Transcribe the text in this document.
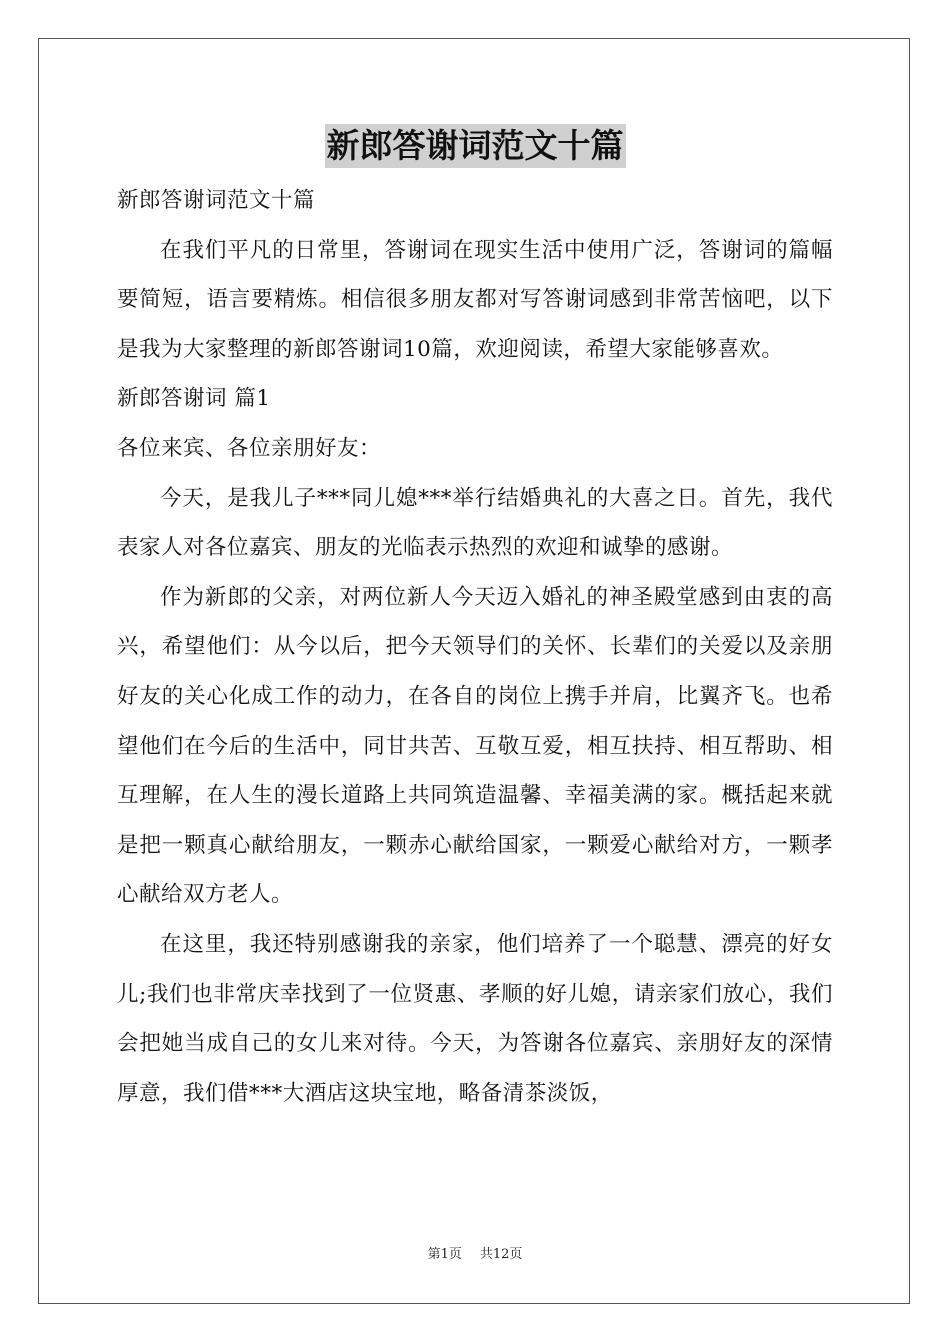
新郎答谢词范文十篇

新郎答谢词范文十篇

在我们平凡的日常里，答谢词在现实生活中使用广泛，答谢词的篇幅要简短，语言要精炼。相信很多朋友都对写答谢词感到非常苦恼吧，以下是我为大家整理的新郎答谢词10篇，欢迎阅读，希望大家能够喜欢。

新郎答谢词 篇1

各位来宾、各位亲朋好友：

今天，是我儿子***同儿媳***举行结婚典礼的大喜之日。首先，我代表家人对各位嘉宾、朋友的光临表示热烈的欢迎和诚挚的感谢。

作为新郎的父亲，对两位新人今天迈入婚礼的神圣殿堂感到由衷的高兴，希望他们：从今以后，把今天领导们的关怀、长辈们的关爱以及亲朋好友的关心化成工作的动力，在各自的岗位上携手并肩，比翼齐飞。也希望他们在今后的生活中，同甘共苦、互敬互爱，相互扶持、相互帮助、相互理解，在人生的漫长道路上共同筑造温馨、幸福美满的家。概括起来就是把一颗真心献给朋友，一颗赤心献给国家，一颗爱心献给对方，一颗孝心献给双方老人。

在这里，我还特别感谢我的亲家，他们培养了一个聪慧、漂亮的好女儿;我们也非常庆幸找到了一位贤惠、孝顺的好儿媳，请亲家们放心，我们会把她当成自己的女儿来对待。今天，为答谢各位嘉宾、亲朋好友的深情厚意，我们借***大酒店这块宝地，略备清茶淡饭，

第1页 共12页
